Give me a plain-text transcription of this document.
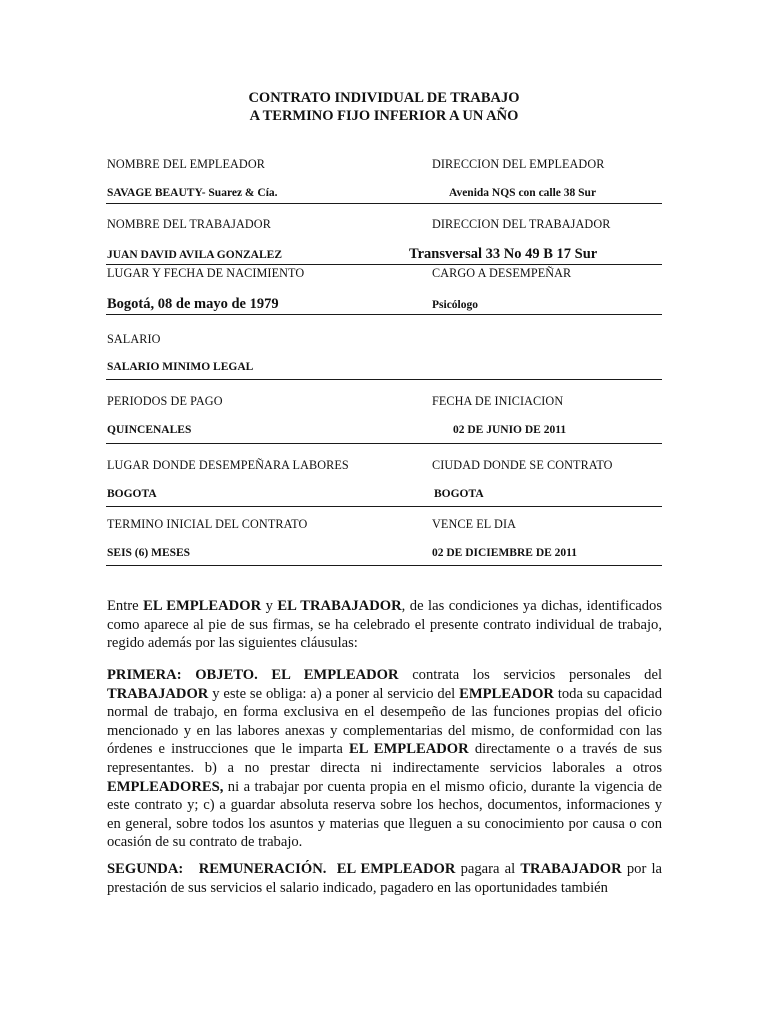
CONTRATO INDIVIDUAL DE TRABAJO
A TERMINO FIJO INFERIOR A UN AÑO
NOMBRE DEL EMPLEADOR	DIRECCION DEL EMPLEADOR
SAVAGE BEAUTY- Suarez & Cía.	Avenida NQS con calle 38 Sur
NOMBRE DEL TRABAJADOR	DIRECCION DEL TRABAJADOR
JUAN DAVID AVILA GONZALEZ	Transversal 33 No 49 B 17 Sur
LUGAR Y FECHA DE NACIMIENTO	CARGO A DESEMPEÑAR
Bogotá, 08 de mayo de 1979	Psicólogo
SALARIO
SALARIO MINIMO LEGAL
PERIODOS DE PAGO	FECHA DE INICIACION
QUINCENALES	02 DE JUNIO DE 2011
LUGAR DONDE DESEMPEÑARA LABORES	CIUDAD DONDE SE CONTRATO
BOGOTA	BOGOTA
TERMINO INICIAL DEL CONTRATO	VENCE EL DIA
SEIS (6) MESES	02 DE DICIEMBRE DE 2011

Entre EL EMPLEADOR y EL TRABAJADOR, de las condiciones ya dichas, identificados como aparece al pie de sus firmas, se ha celebrado el presente contrato individual de trabajo, regido además por las siguientes cláusulas:

PRIMERA: OBJETO. EL EMPLEADOR contrata los servicios personales del TRABAJADOR y este se obliga: a) a poner al servicio del EMPLEADOR toda su capacidad normal de trabajo, en forma exclusiva en el desempeño de las funciones propias del oficio mencionado y en las labores anexas y complementarias del mismo, de conformidad con las órdenes e instrucciones que le imparta EL EMPLEADOR directamente o a través de sus representantes. b) a no prestar directa ni indirectamente servicios laborales a otros EMPLEADORES, ni a trabajar por cuenta propia en el mismo oficio, durante la vigencia de este contrato y; c) a guardar absoluta reserva sobre los hechos, documentos, informaciones y en general, sobre todos los asuntos y materias que lleguen a su conocimiento por causa o con ocasión de su contrato de trabajo.

SEGUNDA: REMUNERACIÓN. EL EMPLEADOR pagara al TRABAJADOR por la prestación de sus servicios el salario indicado, pagadero en las oportunidades también
